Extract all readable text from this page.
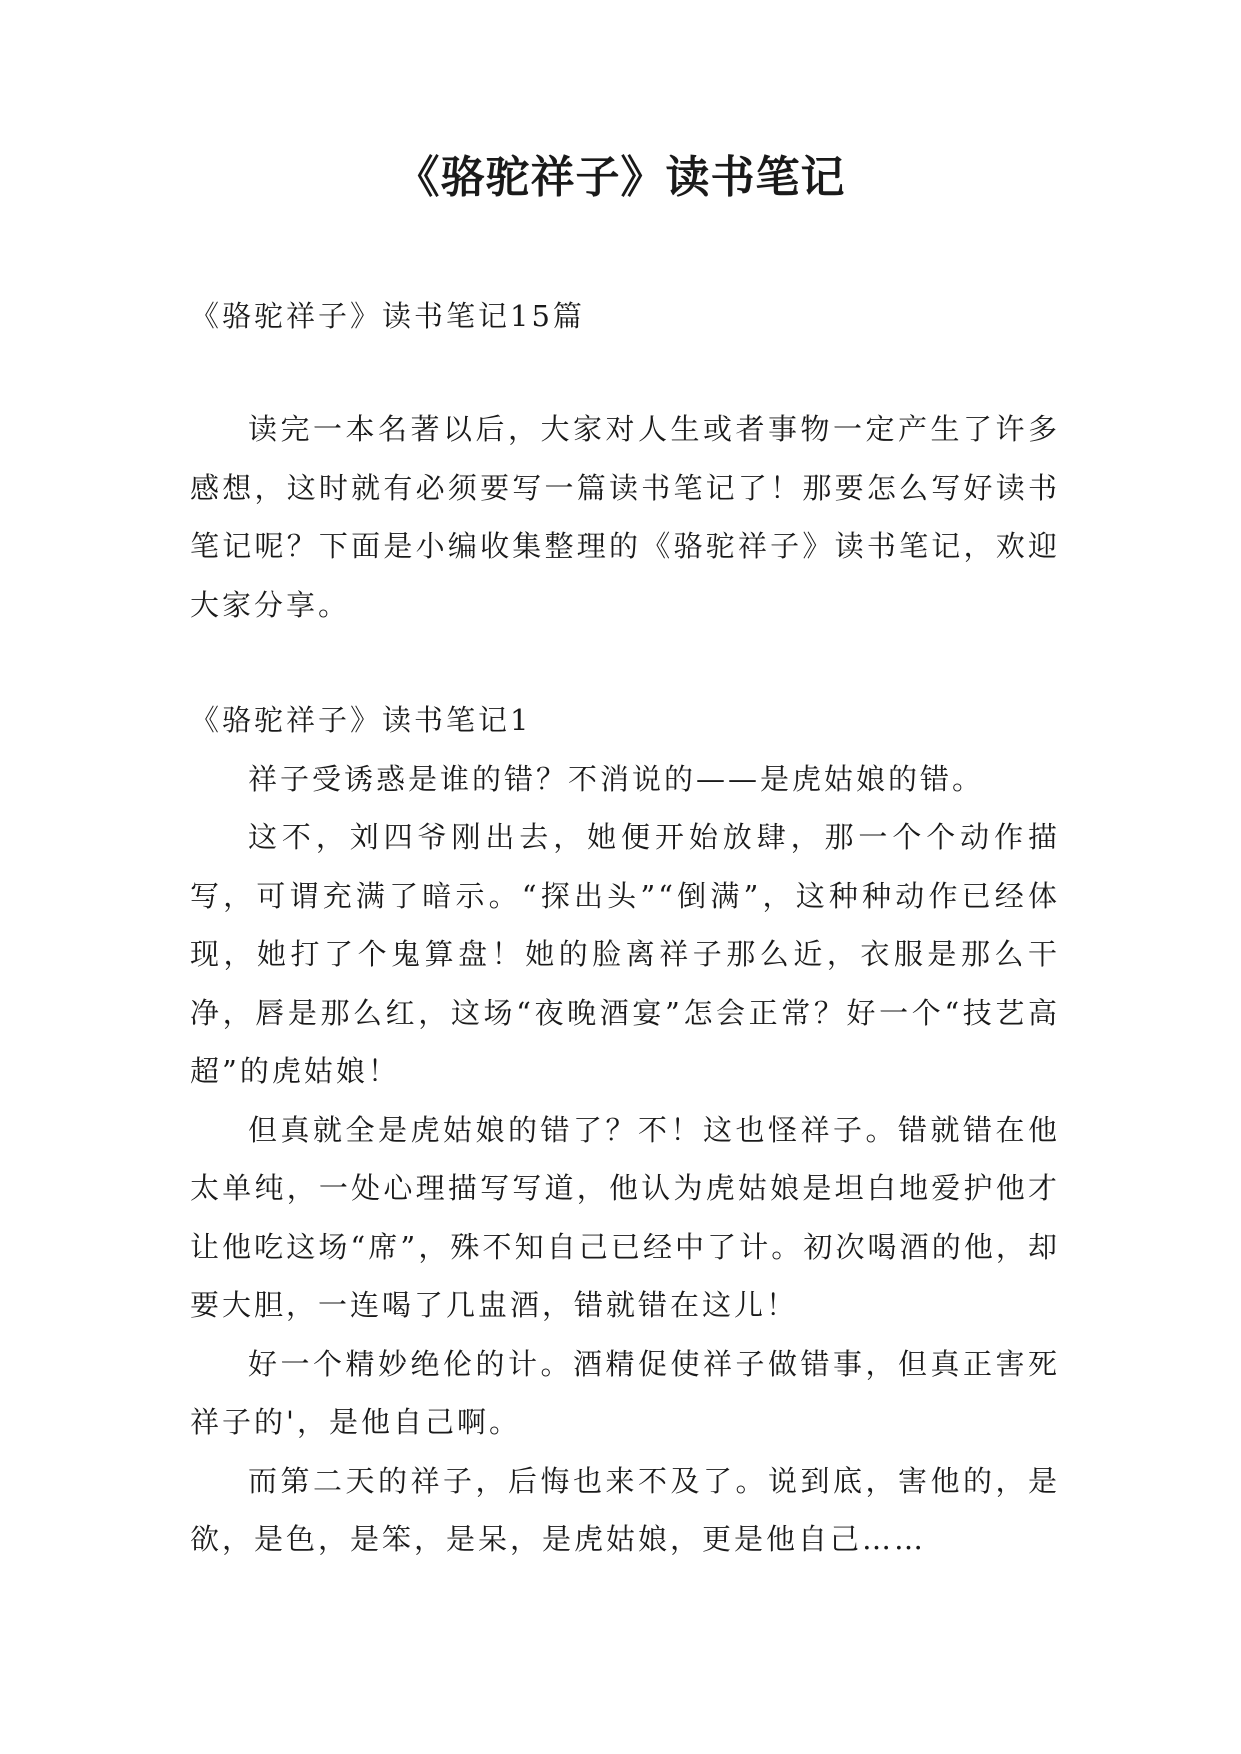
《骆驼祥子》读书笔记

《骆驼祥子》读书笔记15篇

读完一本名著以后，大家对人生或者事物一定产生了许多感想，这时就有必须要写一篇读书笔记了！那要怎么写好读书笔记呢？下面是小编收集整理的《骆驼祥子》读书笔记，欢迎大家分享。

《骆驼祥子》读书笔记1

祥子受诱惑是谁的错？不消说的——是虎姑娘的错。

这不，刘四爷刚出去，她便开始放肆，那一个个动作描写，可谓充满了暗示。“探出头”“倒满”，这种种动作已经体现，她打了个鬼算盘！她的脸离祥子那么近，衣服是那么干净，唇是那么红，这场“夜晚酒宴”怎会正常？好一个“技艺高超”的虎姑娘！

但真就全是虎姑娘的错了？不！这也怪祥子。错就错在他太单纯，一处心理描写写道，他认为虎姑娘是坦白地爱护他才让他吃这场“席”，殊不知自己已经中了计。初次喝酒的他，却要大胆，一连喝了几盅酒，错就错在这儿！

好一个精妙绝伦的计。酒精促使祥子做错事，但真正害死祥子的'，是他自己啊。

而第二天的祥子，后悔也来不及了。说到底，害他的，是欲，是色，是笨，是呆，是虎姑娘，更是他自己……
